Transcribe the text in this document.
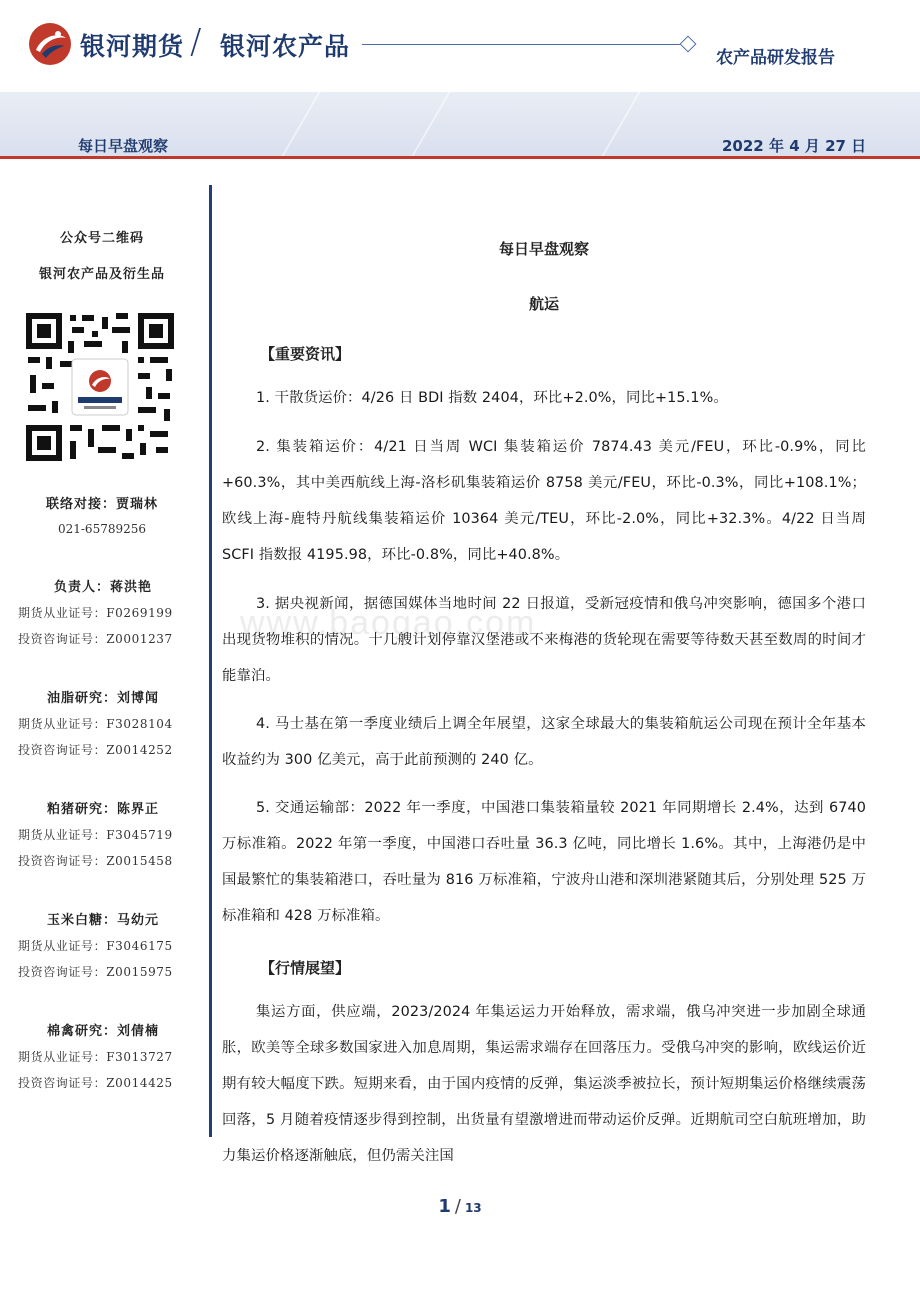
银河期货 / 银河农产品	农产品研发报告
每日早盘观察	2022 年 4 月 27 日
公众号二维码
银河农产品及衍生品
联络对接：贾瑞林
021-65789256
负责人：蒋洪艳
期货从业证号：F0269199
投资咨询证号：Z0001237
油脂研究：刘博闻
期货从业证号：F3028104
投资咨询证号：Z0014252
粕猪研究：陈界正
期货从业证号：F3045719
投资咨询证号：Z0015458
玉米白糖：马幼元
期货从业证号：F3046175
投资咨询证号：Z0015975
棉禽研究：刘倩楠
期货从业证号：F3013727
投资咨询证号：Z0014425
每日早盘观察
航运
【重要资讯】

1. 干散货运价：4/26 日 BDI 指数 2404，环比+2.0%，同比+15.1%。

2. 集装箱运价：4/21 日当周 WCI 集装箱运价 7874.43 美元/FEU，环比-0.9%，同比+60.3%，其中美西航线上海-洛杉矶集装箱运价 8758 美元/FEU，环比-0.3%，同比+108.1%；欧线上海-鹿特丹航线集装箱运价 10364 美元/TEU，环比-2.0%，同比+32.3%。4/22 日当周 SCFI 指数报 4195.98，环比-0.8%，同比+40.8%。

3. 据央视新闻，据德国媒体当地时间 22 日报道，受新冠疫情和俄乌冲突影响，德国多个港口出现货物堆积的情况。十几艘计划停靠汉堡港或不来梅港的货轮现在需要等待数天甚至数周的时间才能靠泊。

4. 马士基在第一季度业绩后上调全年展望，这家全球最大的集装箱航运公司现在预计全年基本收益约为 300 亿美元，高于此前预测的 240 亿。

5. 交通运输部：2022 年一季度，中国港口集装箱量较 2021 年同期增长 2.4%，达到 6740 万标准箱。2022 年第一季度，中国港口吞吐量 36.3 亿吨，同比增长 1.6%。其中，上海港仍是中国最繁忙的集装箱港口，吞吐量为 816 万标准箱，宁波舟山港和深圳港紧随其后，分别处理 525 万标准箱和 428 万标准箱。

【行情展望】

集运方面，供应端，2023/2024 年集运运力开始释放，需求端，俄乌冲突进一步加剧全球通胀，欧美等全球多数国家进入加息周期，集运需求端存在回落压力。受俄乌冲突的影响，欧线运价近期有较大幅度下跌。短期来看，由于国内疫情的反弹，集运淡季被拉长，预计短期集运价格继续震荡回落，5 月随着疫情逐步得到控制，出货量有望激增进而带动运价反弹。近期航司空白航班增加，助力集运价格逐渐触底，但仍需关注国

www.baogao.com
1 / 13
